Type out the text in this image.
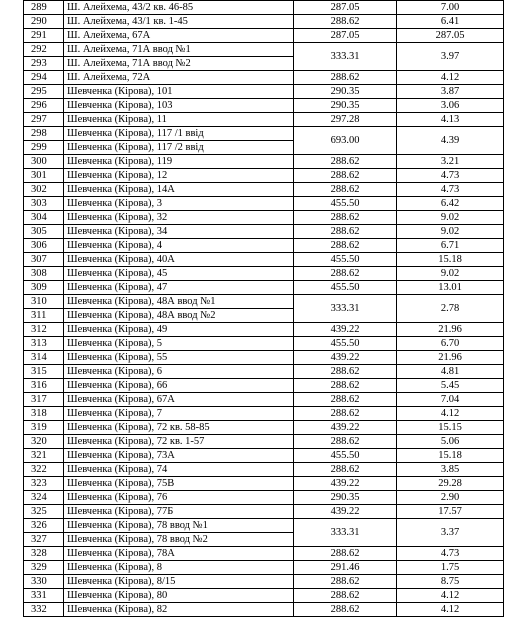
289	Ш. Алейхема, 43/2 кв. 46-85	287.05	7.00
290	Ш. Алейхема, 43/1 кв. 1-45	288.62	6.41
291	Ш. Алейхема, 67А	287.05	287.05
292	Ш. Алейхема, 71А ввод №1	333.31	3.97
293	Ш. Алейхема, 71А ввод №2		
294	Ш. Алейхема, 72А	288.62	4.12
295	Шевченка (Кірова), 101	290.35	3.87
296	Шевченка (Кірова), 103	290.35	3.06
297	Шевченка (Кірова), 11	297.28	4.13
298	Шевченка (Кірова), 117 /1 ввід	693.00	4.39
299	Шевченка (Кірова), 117 /2 ввід		
300	Шевченка (Кірова), 119	288.62	3.21
301	Шевченка (Кірова), 12	288.62	4.73
302	Шевченка (Кірова), 14А	288.62	4.73
303	Шевченка (Кірова), 3	455.50	6.42
304	Шевченка (Кірова), 32	288.62	9.02
305	Шевченка (Кірова), 34	288.62	9.02
306	Шевченка (Кірова), 4	288.62	6.71
307	Шевченка (Кірова), 40А	455.50	15.18
308	Шевченка (Кірова), 45	288.62	9.02
309	Шевченка (Кірова), 47	455.50	13.01
310	Шевченка (Кірова), 48А ввод №1	333.31	2.78
311	Шевченка (Кірова), 48А ввод №2		
312	Шевченка (Кірова), 49	439.22	21.96
313	Шевченка (Кірова), 5	455.50	6.70
314	Шевченка (Кірова), 55	439.22	21.96
315	Шевченка (Кірова), 6	288.62	4.81
316	Шевченка (Кірова), 66	288.62	5.45
317	Шевченка (Кірова), 67А	288.62	7.04
318	Шевченка (Кірова), 7	288.62	4.12
319	Шевченка (Кірова), 72 кв. 58-85	439.22	15.15
320	Шевченка (Кірова), 72 кв. 1-57	288.62	5.06
321	Шевченка (Кірова), 73А	455.50	15.18
322	Шевченка (Кірова), 74	288.62	3.85
323	Шевченка (Кірова), 75В	439.22	29.28
324	Шевченка (Кірова), 76	290.35	2.90
325	Шевченка (Кірова), 77Б	439.22	17.57
326	Шевченка (Кірова), 78 ввод №1	333.31	3.37
327	Шевченка (Кірова), 78 ввод №2		
328	Шевченка (Кірова), 78А	288.62	4.73
329	Шевченка (Кірова), 8	291.46	1.75
330	Шевченка (Кірова), 8/15	288.62	8.75
331	Шевченка (Кірова), 80	288.62	4.12
332	Шевченка (Кірова), 82	288.62	4.12
